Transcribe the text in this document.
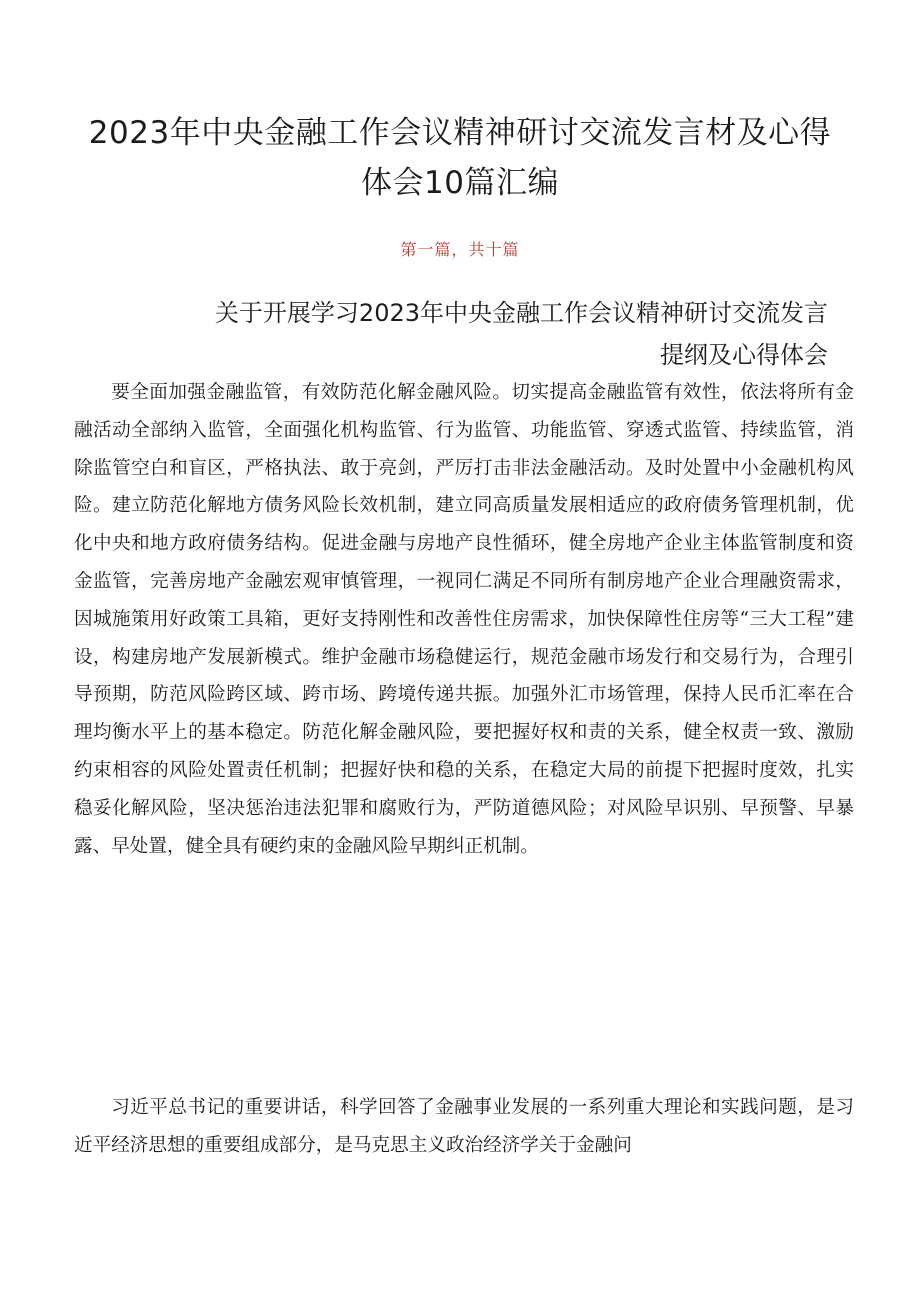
2023年中央金融工作会议精神研讨交流发言材及心得
体会10篇汇编
第一篇，共十篇
关于开展学习2023年中央金融工作会议精神研讨交流发言
提纲及心得体会

要全面加强金融监管，有效防范化解金融风险。切实提高金融监管有效性，依法将所有金融活动全部纳入监管，全面强化机构监管、行为监管、功能监管、穿透式监管、持续监管，消除监管空白和盲区，严格执法、敢于亮剑，严厉打击非法金融活动。及时处置中小金融机构风险。建立防范化解地方债务风险长效机制，建立同高质量发展相适应的政府债务管理机制，优化中央和地方政府债务结构。促进金融与房地产良性循环，健全房地产企业主体监管制度和资金监管，完善房地产金融宏观审慎管理，一视同仁满足不同所有制房地产企业合理融资需求，因城施策用好政策工具箱，更好支持刚性和改善性住房需求，加快保障性住房等“三大工程”建设，构建房地产发展新模式。维护金融市场稳健运行，规范金融市场发行和交易行为，合理引导预期，防范风险跨区域、跨市场、跨境传递共振。加强外汇市场管理，保持人民币汇率在合理均衡水平上的基本稳定。防范化解金融风险，要把握好权和责的关系，健全权责一致、激励约束相容的风险处置责任机制；把握好快和稳的关系，在稳定大局的前提下把握时度效，扎实稳妥化解风险，坚决惩治违法犯罪和腐败行为，严防道德风险；对风险早识别、早预警、早暴露、早处置，健全具有硬约束的金融风险早期纠正机制。

习近平总书记的重要讲话，科学回答了金融事业发展的一系列重大理论和实践问题，是习近平经济思想的重要组成部分，是马克思主义政治经济学关于金融问
